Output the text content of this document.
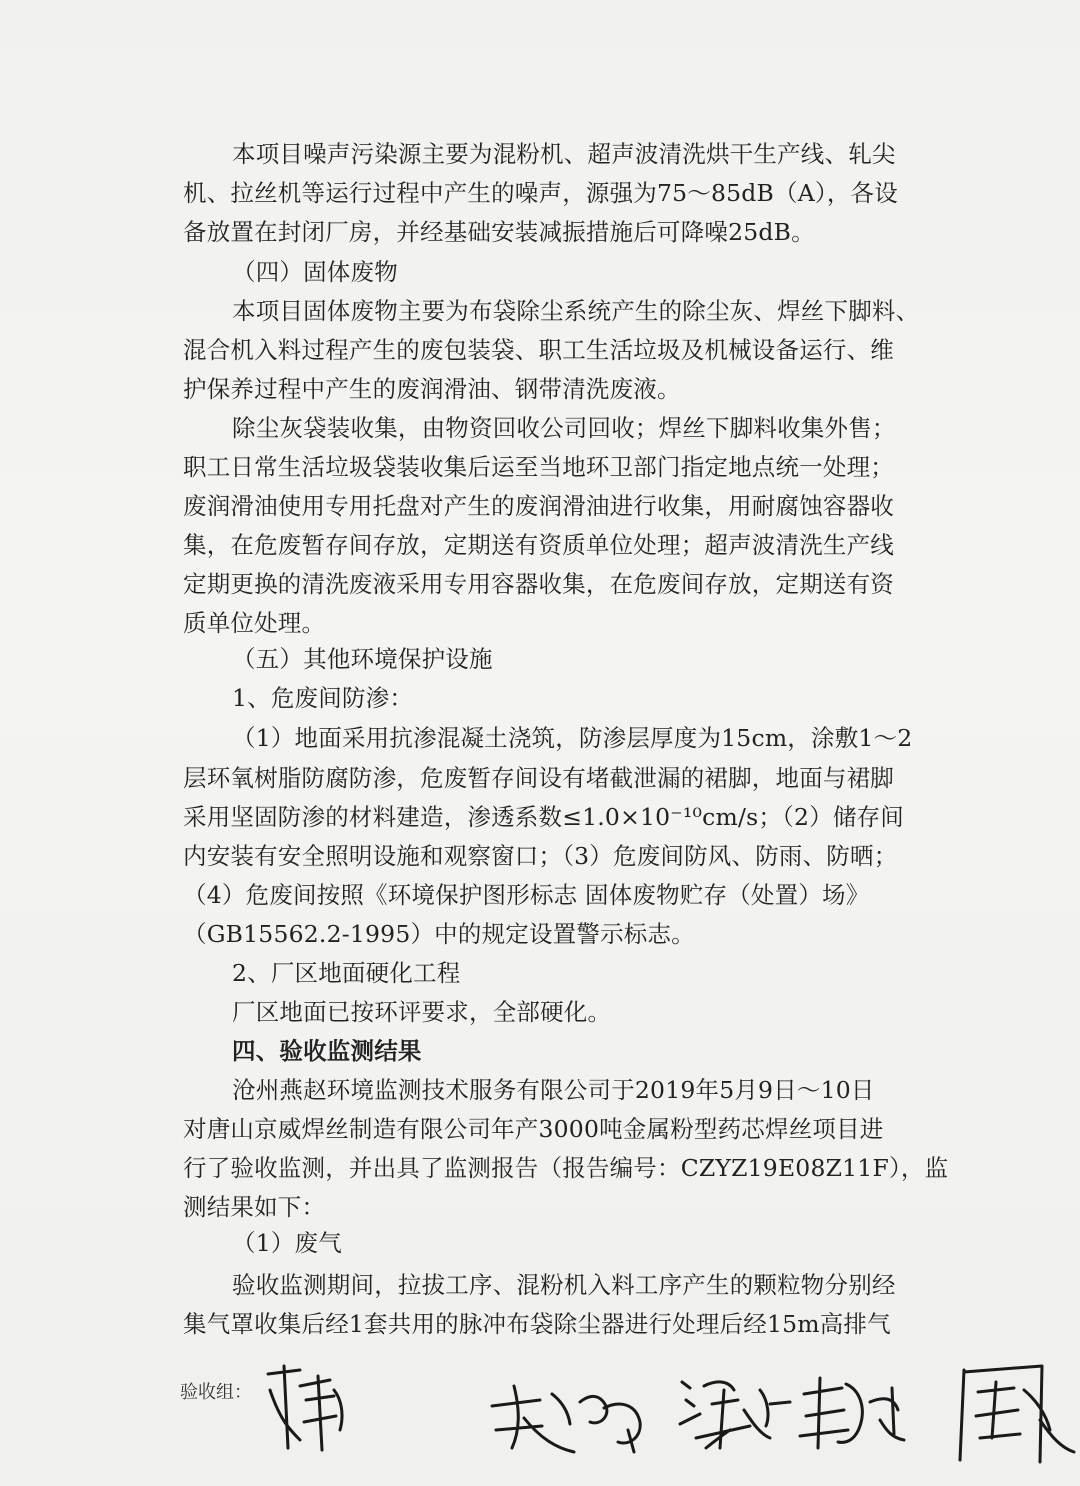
本项目噪声污染源主要为混粉机、超声波清洗烘干生产线、轧尖
机、拉丝机等运行过程中产生的噪声，源强为75～85dB（A），各设
备放置在封闭厂房，并经基础安装减振措施后可降噪25dB。
（四）固体废物
本项目固体废物主要为布袋除尘系统产生的除尘灰、焊丝下脚料、
混合机入料过程产生的废包装袋、职工生活垃圾及机械设备运行、维
护保养过程中产生的废润滑油、钢带清洗废液。
除尘灰袋装收集，由物资回收公司回收；焊丝下脚料收集外售；
职工日常生活垃圾袋装收集后运至当地环卫部门指定地点统一处理；
废润滑油使用专用托盘对产生的废润滑油进行收集，用耐腐蚀容器收
集，在危废暂存间存放，定期送有资质单位处理；超声波清洗生产线
定期更换的清洗废液采用专用容器收集，在危废间存放，定期送有资
质单位处理。
（五）其他环境保护设施
1、危废间防渗：
（1）地面采用抗渗混凝土浇筑，防渗层厚度为15cm，涂敷1～2
层环氧树脂防腐防渗，危废暂存间设有堵截泄漏的裙脚，地面与裙脚
采用坚固防渗的材料建造，渗透系数≤1.0×10⁻¹⁰cm/s；（2）储存间
内安装有安全照明设施和观察窗口；（3）危废间防风、防雨、防晒；
（4）危废间按照《环境保护图形标志 固体废物贮存（处置）场》
（GB15562.2-1995）中的规定设置警示标志。
2、厂区地面硬化工程
厂区地面已按环评要求，全部硬化。
四、验收监测结果
沧州燕赵环境监测技术服务有限公司于2019年5月9日～10日
对唐山京威焊丝制造有限公司年产3000吨金属粉型药芯焊丝项目进
行了验收监测，并出具了监测报告（报告编号：CZYZ19E08Z11F），监
测结果如下：
（1）废气
验收监测期间，拉拔工序、混粉机入料工序产生的颗粒物分别经
集气罩收集后经1套共用的脉冲布袋除尘器进行处理后经15m高排气
验收组：
